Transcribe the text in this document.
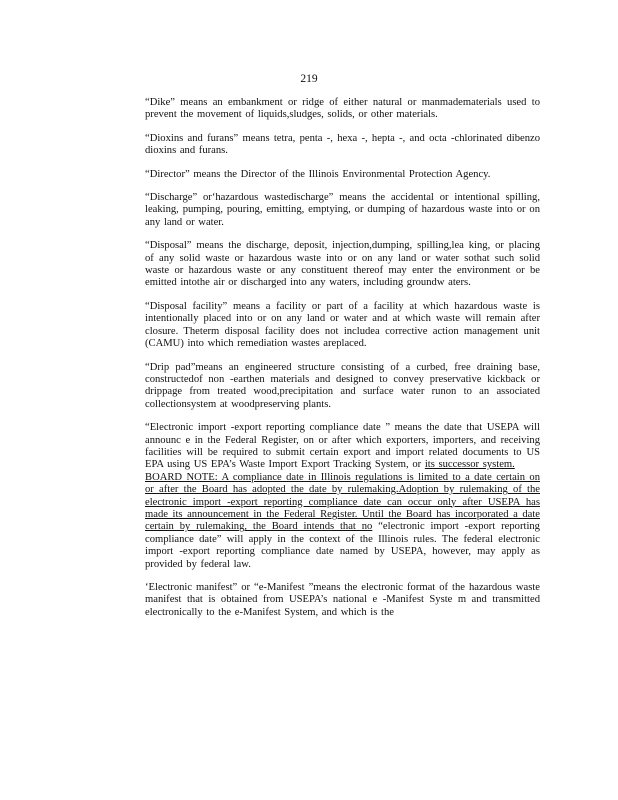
219

“Dike” means an embankment or ridge of either natural or manmadematerials used to prevent the movement of liquids,sludges, solids, or other materials.

“Dioxins and furans” means tetra, penta -, hexa -, hepta -, and octa -chlorinated dibenzo dioxins and furans.

“Director” means the Director of the Illinois Environmental Protection Agency.

“Discharge” or‘hazardous wastedischarge” means the accidental or intentional spilling, leaking, pumping, pouring, emitting, emptying, or dumping of hazardous waste into or on any land or water.

“Disposal” means the discharge, deposit, injection,dumping, spilling,lea king, or placing of any solid waste or hazardous waste into or on any land or water sothat such solid waste or hazardous waste or any constituent thereof may enter the environment or be emitted intothe air or discharged into any waters, including groundw aters.

“Disposal facility” means a facility or part of a facility at which hazardous waste is intentionally placed into or on any land or water and at which waste will remain after closure. Theterm disposal facility does not includea corrective action management unit (CAMU) into which remediation wastes areplaced.

“Drip pad”means an engineered structure consisting of a curbed, free draining base, constructedof non -earthen materials and designed to convey preservative kickback or drippage from treated wood,precipitation and surface water runon to an associated collectionsystem at woodpreserving plants.

“Electronic import -export reporting compliance date ” means the date that USEPA will announc e in the Federal Register, on or after which exporters, importers, and receiving facilities will be required to submit certain export and import related documents to US EPA using US EPA’s Waste Import Export Tracking System, or its successor system.

BOARD NOTE: A compliance date in Illinois regulations is limited to a date certain on or after the Board has adopted the date by rulemaking.Adoption by rulemaking of the electronic import -export reporting compliance date can occur only after USEPA has made its announcement in the Federal Register. Until the Board has incorporated a date certain by rulemaking, the Board intends that no “electronic import -export reporting compliance date” will apply in the context of the Illinois rules. The federal electronic import -export reporting compliance date named by USEPA, however, may apply as provided by federal law.

‘Electronic manifest” or “e-Manifest ”means the electronic format of the hazardous waste manifest that is obtained from USEPA’s national e -Manifest Syste m and transmitted electronically to the e-Manifest System, and which is the
